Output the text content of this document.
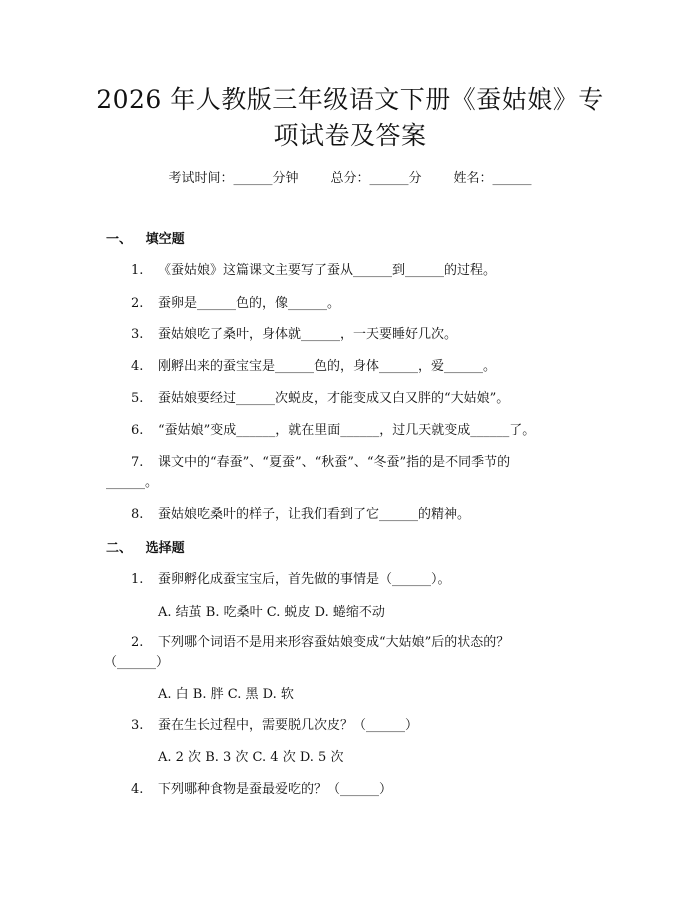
2026 年人教版三年级语文下册《蚕姑娘》专
项试卷及答案
考试时间：______分钟 总分：______分 姓名：______
一、   填空题
1. 《蚕姑娘》这篇课文主要写了蚕从______到______的过程。
2. 蚕卵是______色的，像______。
3. 蚕姑娘吃了桑叶，身体就______，一天要睡好几次。
4. 刚孵出来的蚕宝宝是______色的，身体______，爱______。
5. 蚕姑娘要经过______次蜕皮，才能变成又白又胖的“大姑娘”。
6. “蚕姑娘”变成______，就在里面______，过几天就变成______了。
7. 课文中的“春蚕”、“夏蚕”、“秋蚕”、“冬蚕”指的是不同季节的
______。
8. 蚕姑娘吃桑叶的样子，让我们看到了它______的精神。
二、   选择题
1. 蚕卵孵化成蚕宝宝后，首先做的事情是（______）。
A. 结茧 B. 吃桑叶 C. 蜕皮 D. 蜷缩不动
2. 下列哪个词语不是用来形容蚕姑娘变成“大姑娘”后的状态的？
（______）
A. 白 B. 胖 C. 黑 D. 软
3. 蚕在生长过程中，需要脱几次皮？（______）
A. 2 次 B. 3 次 C. 4 次 D. 5 次
4. 下列哪种食物是蚕最爱吃的？（______）
